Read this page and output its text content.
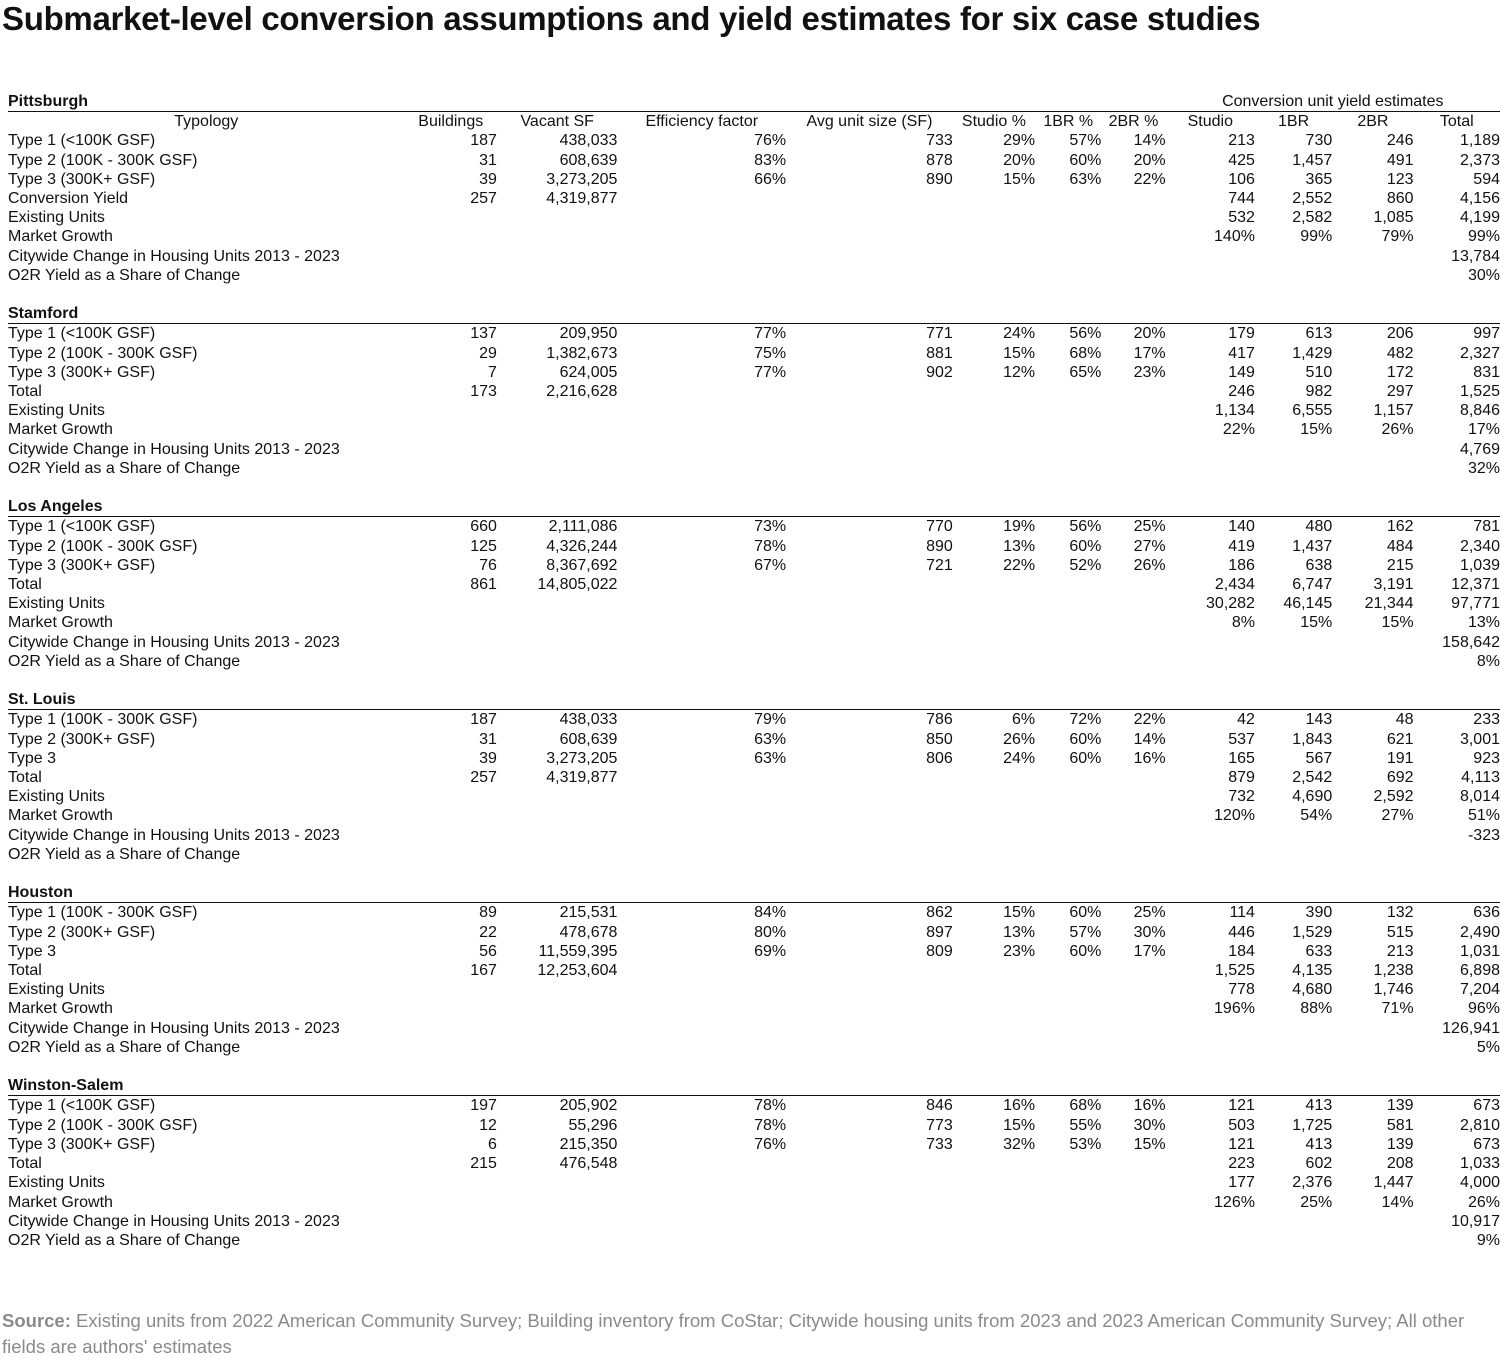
Submarket-level conversion assumptions and yield estimates for six case studies
Pittsburgh								Conversion unit yield estimates			
Typology	Buildings	Vacant SF	Efficiency factor	Avg unit size (SF)	Studio %	1BR %	2BR %	Studio	1BR	2BR	Total
Type 1 (<100K GSF)	187	438,033	76%	733	29%	57%	14%	213	730	246	1,189
Type 2 (100K - 300K GSF)	31	608,639	83%	878	20%	60%	20%	425	1,457	491	2,373
Type 3 (300K+ GSF)	39	3,273,205	66%	890	15%	63%	22%	106	365	123	594
Conversion Yield	257	4,319,877						744	2,552	860	4,156
Existing Units								532	2,582	1,085	4,199
Market Growth								140%	99%	79%	99%
Citywide Change in Housing Units 2013 - 2023											13,784
O2R Yield as a Share of Change											30%

Stamford											
Type 1 (<100K GSF)	137	209,950	77%	771	24%	56%	20%	179	613	206	997
Type 2 (100K - 300K GSF)	29	1,382,673	75%	881	15%	68%	17%	417	1,429	482	2,327
Type 3 (300K+ GSF)	7	624,005	77%	902	12%	65%	23%	149	510	172	831
Total	173	2,216,628						246	982	297	1,525
Existing Units								1,134	6,555	1,157	8,846
Market Growth								22%	15%	26%	17%
Citywide Change in Housing Units 2013 - 2023											4,769
O2R Yield as a Share of Change											32%

Los Angeles											
Type 1 (<100K GSF)	660	2,111,086	73%	770	19%	56%	25%	140	480	162	781
Type 2 (100K - 300K GSF)	125	4,326,244	78%	890	13%	60%	27%	419	1,437	484	2,340
Type 3 (300K+ GSF)	76	8,367,692	67%	721	22%	52%	26%	186	638	215	1,039
Total	861	14,805,022						2,434	6,747	3,191	12,371
Existing Units								30,282	46,145	21,344	97,771
Market Growth								8%	15%	15%	13%
Citywide Change in Housing Units 2013 - 2023											158,642
O2R Yield as a Share of Change											8%

St. Louis											
Type 1 (100K - 300K GSF)	187	438,033	79%	786	6%	72%	22%	42	143	48	233
Type 2 (300K+ GSF)	31	608,639	63%	850	26%	60%	14%	537	1,843	621	3,001
Type 3	39	3,273,205	63%	806	24%	60%	16%	165	567	191	923
Total	257	4,319,877						879	2,542	692	4,113
Existing Units								732	4,690	2,592	8,014
Market Growth								120%	54%	27%	51%
Citywide Change in Housing Units 2013 - 2023											-323
O2R Yield as a Share of Change											

Houston											
Type 1 (100K - 300K GSF)	89	215,531	84%	862	15%	60%	25%	114	390	132	636
Type 2 (300K+ GSF)	22	478,678	80%	897	13%	57%	30%	446	1,529	515	2,490
Type 3	56	11,559,395	69%	809	23%	60%	17%	184	633	213	1,031
Total	167	12,253,604						1,525	4,135	1,238	6,898
Existing Units								778	4,680	1,746	7,204
Market Growth								196%	88%	71%	96%
Citywide Change in Housing Units 2013 - 2023											126,941
O2R Yield as a Share of Change											5%

Winston-Salem											
Type 1 (<100K GSF)	197	205,902	78%	846	16%	68%	16%	121	413	139	673
Type 2 (100K - 300K GSF)	12	55,296	78%	773	15%	55%	30%	503	1,725	581	2,810
Type 3 (300K+ GSF)	6	215,350	76%	733	32%	53%	15%	121	413	139	673
Total	215	476,548						223	602	208	1,033
Existing Units								177	2,376	1,447	4,000
Market Growth								126%	25%	14%	26%
Citywide Change in Housing Units 2013 - 2023											10,917
O2R Yield as a Share of Change											9%
Source: Existing units from 2022 American Community Survey; Building inventory from CoStar; Citywide housing units from 2023 and 2023 American Community Survey; All other fields are authors' estimates
